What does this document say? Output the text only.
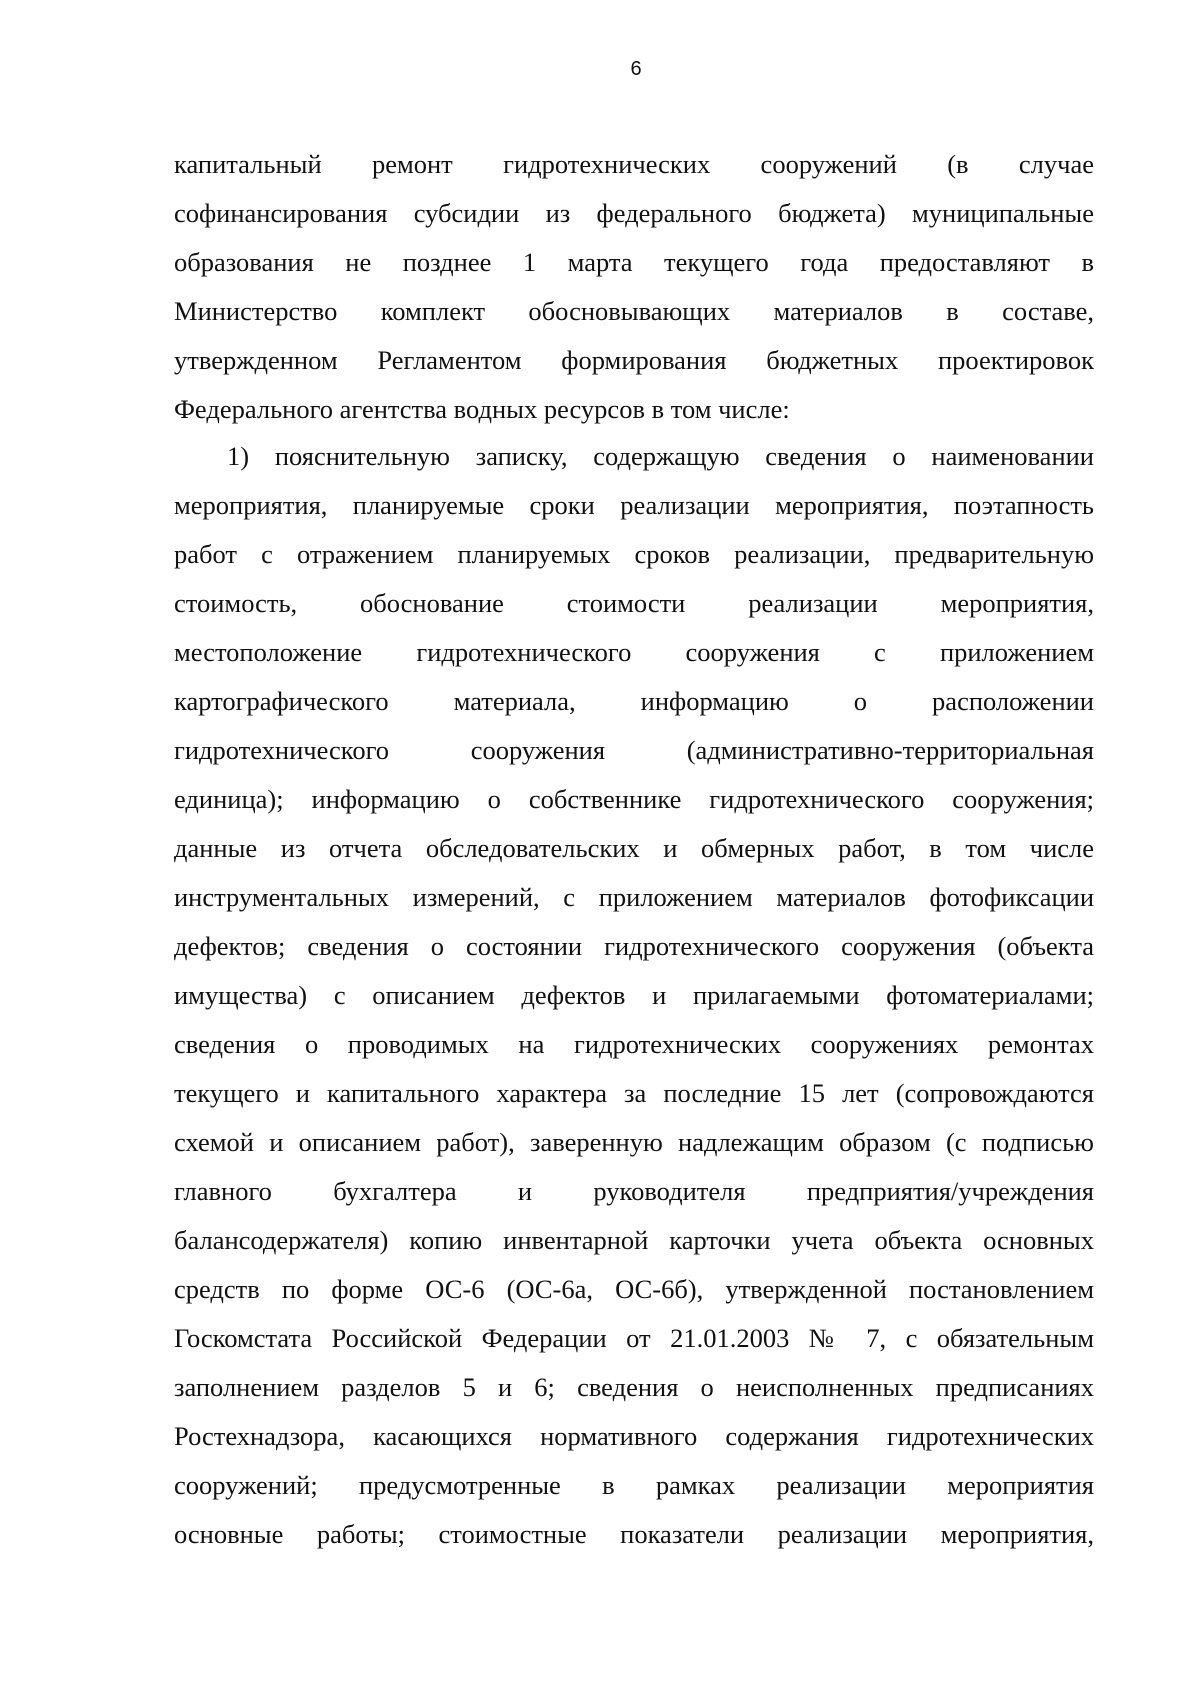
6
капитальный ремонт гидротехнических сооружений (в случае
софинансирования субсидии из федерального бюджета) муниципальные
образования не позднее 1 марта текущего года предоставляют в
Министерство комплект обосновывающих материалов в составе,
утвержденном Регламентом формирования бюджетных проектировок
Федерального агентства водных ресурсов в том числе:
1) пояснительную записку, содержащую сведения о наименовании
мероприятия, планируемые сроки реализации мероприятия, поэтапность
работ с отражением планируемых сроков реализации, предварительную
стоимость, обоснование стоимости реализации мероприятия,
местоположение гидротехнического сооружения с приложением
картографического материала, информацию о расположении
гидротехнического сооружения (административно-территориальная
единица); информацию о собственнике гидротехнического сооружения;
данные из отчета обследовательских и обмерных работ, в том числе
инструментальных измерений, с приложением материалов фотофиксации
дефектов; сведения о состоянии гидротехнического сооружения (объекта
имущества) с описанием дефектов и прилагаемыми фотоматериалами;
сведения о проводимых на гидротехнических сооружениях ремонтах
текущего и капитального характера за последние 15 лет (сопровождаются
схемой и описанием работ), заверенную надлежащим образом (с подписью
главного бухгалтера и руководителя предприятия/учреждения
балансодержателя) копию инвентарной карточки учета объекта основных
средств по форме ОС-6 (ОС-6а, ОС-6б), утвержденной постановлением
Госкомстата Российской Федерации от 21.01.2003 № 7, с обязательным
заполнением разделов 5 и 6; сведения о неисполненных предписаниях
Ростехнадзора, касающихся нормативного содержания гидротехнических
сооружений; предусмотренные в рамках реализации мероприятия
основные работы; стоимостные показатели реализации мероприятия,
